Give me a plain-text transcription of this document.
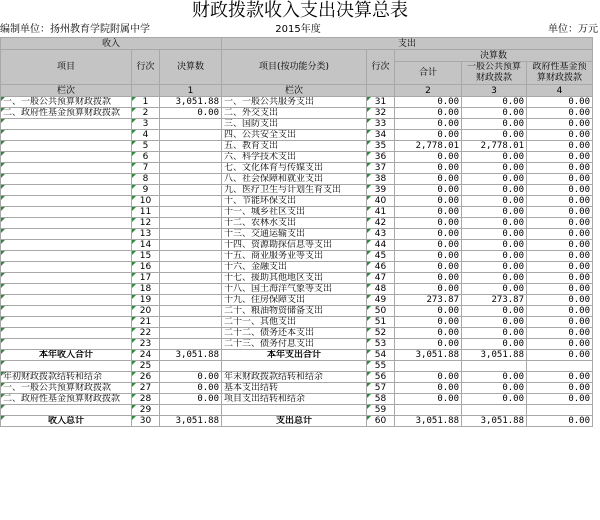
财政拨款收入支出决算总表
编制单位：扬州教育学院附属中学	2015年度	单位：万元
收入			支出				
项目	行次	决算数	项目(按功能分类)	行次	决算数		
					合计	一般公共预算财政拨款	政府性基金预算财政拨款
栏次		1	栏次		2	3	4
一、一般公共预算财政拨款	1	3,051.88	一、一般公共服务支出	31	0.00	0.00	0.00
二、政府性基金预算财政拨款	2	0.00	二、外交支出	32	0.00	0.00	0.00
	3		三、国防支出	33	0.00	0.00	0.00
	4		四、公共安全支出	34	0.00	0.00	0.00
	5		五、教育支出	35	2,778.01	2,778.01	0.00
	6		六、科学技术支出	36	0.00	0.00	0.00
	7		七、文化体育与传媒支出	37	0.00	0.00	0.00
	8		八、社会保障和就业支出	38	0.00	0.00	0.00
	9		九、医疗卫生与计划生育支出	39	0.00	0.00	0.00
	10		十、节能环保支出	40	0.00	0.00	0.00
	11		十一、城乡社区支出	41	0.00	0.00	0.00
	12		十二、农林水支出	42	0.00	0.00	0.00
	13		十三、交通运输支出	43	0.00	0.00	0.00
	14		十四、资源勘探信息等支出	44	0.00	0.00	0.00
	15		十五、商业服务业等支出	45	0.00	0.00	0.00
	16		十六、金融支出	46	0.00	0.00	0.00
	17		十七、援助其他地区支出	47	0.00	0.00	0.00
	18		十八、国土海洋气象等支出	48	0.00	0.00	0.00
	19		十九、住房保障支出	49	273.87	273.87	0.00
	20		二十、粮油物资储备支出	50	0.00	0.00	0.00
	21		二十一、其他支出	51	0.00	0.00	0.00
	22		二十二、债务还本支出	52	0.00	0.00	0.00
	23		二十三、债务付息支出	53	0.00	0.00	0.00
本年收入合计	24	3,051.88	本年支出合计	54	3,051.88	3,051.88	0.00
	25			55			
年初财政拨款结转和结余	26	0.00	年末财政拨款结转和结余	56	0.00	0.00	0.00
一、一般公共预算财政拨款	27	0.00	基本支出结转	57	0.00	0.00	0.00
二、政府性基金预算财政拨款	28	0.00	项目支出结转和结余	58	0.00	0.00	0.00
	29			59			
收入总计	30	3,051.88	支出总计	60	3,051.88	3,051.88	0.00
